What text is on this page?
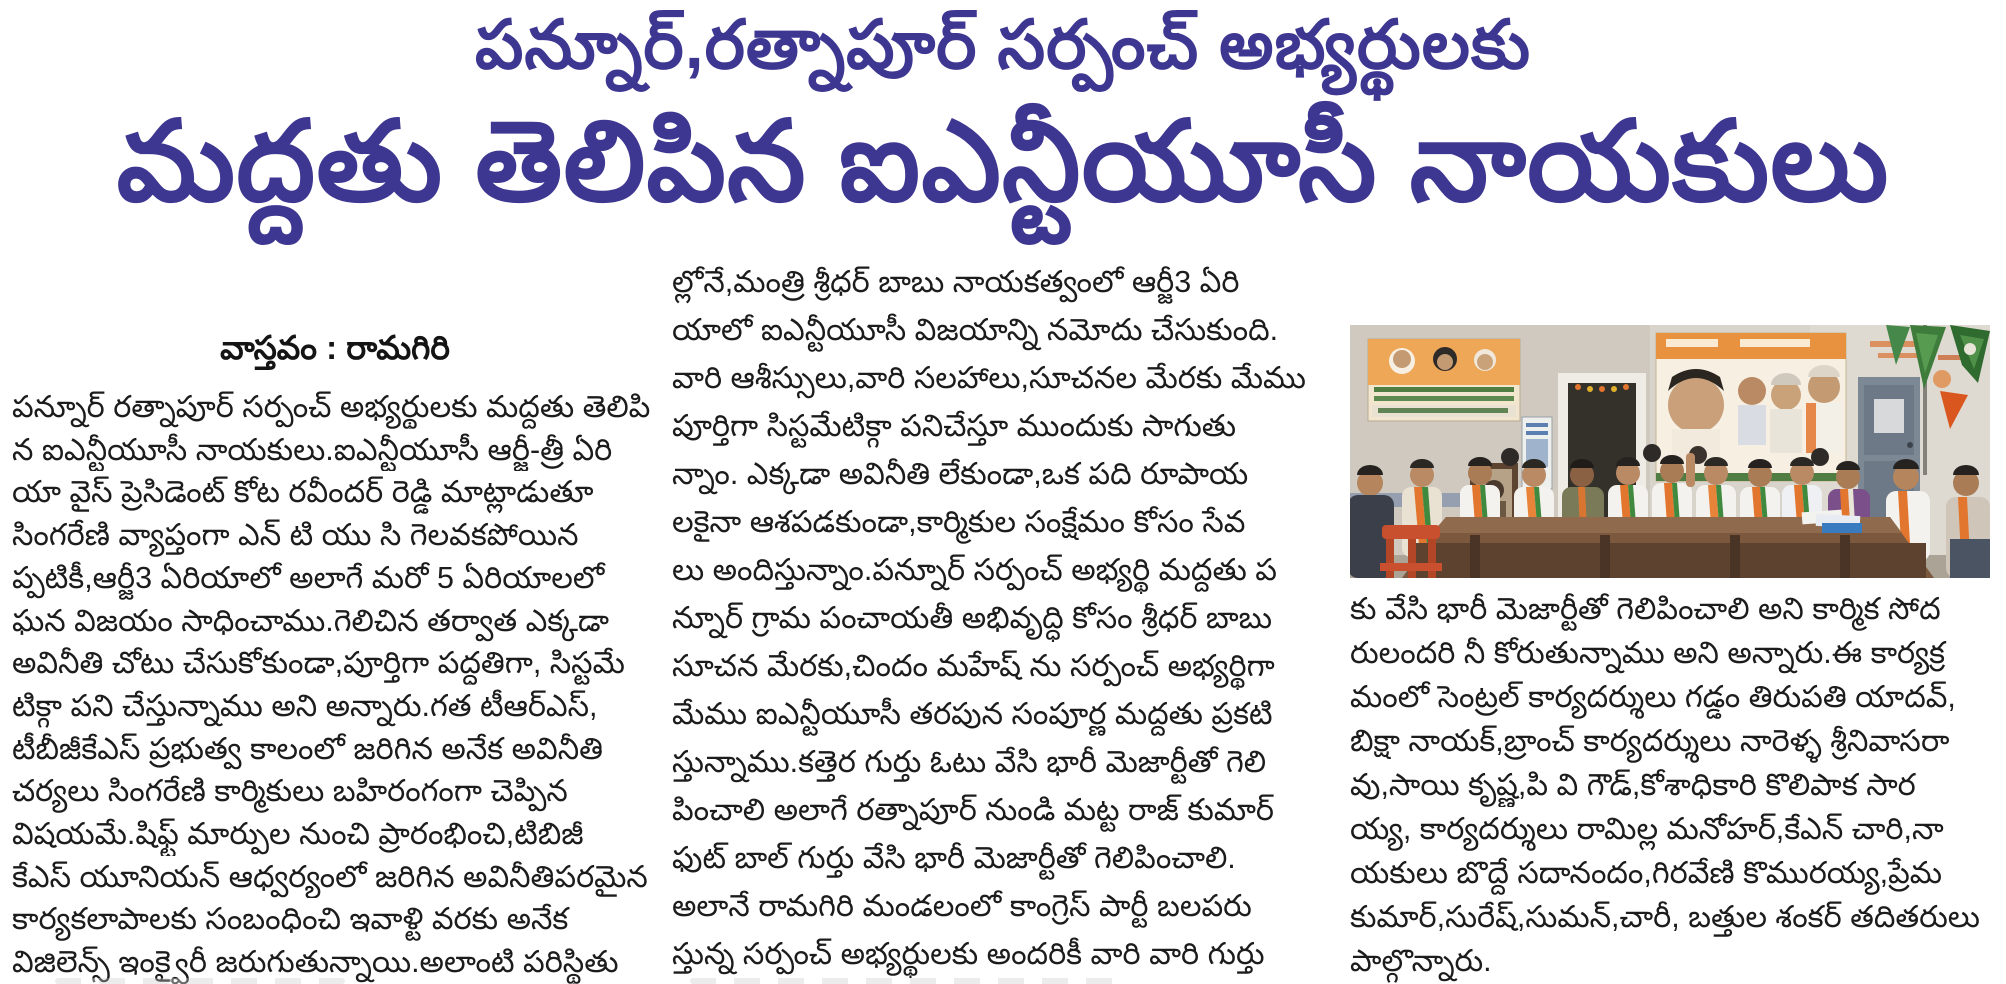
పన్నూర్,రత్నాపూర్ సర్పంచ్ అభ్యర్థులకు
మద్దతు తెలిపిన ఐఎన్టీయూసీ నాయకులు
వాస్తవం : రామగిరి
పన్నూర్ రత్నాపూర్ సర్పంచ్ అభ్యర్థులకు మద్దతు తెలిపి
న ఐఎన్టీయూసీ నాయకులు.ఐఎన్టీయూసీ ఆర్జీ-త్రీ ఏరి
యా వైస్ ప్రెసిడెంట్ కోట రవీందర్ రెడ్డి మాట్లాడుతూ
సింగరేణి వ్యాప్తంగా ఎన్ టి యు సి గెలవకపోయిన
ప్పటికీ,ఆర్జీ3 ఏరియాలో అలాగే మరో 5 ఏరియాలలో
ఘన విజయం సాధించాము.గెలిచిన తర్వాత ఎక్కడా
అవినీతి చోటు చేసుకోకుండా,పూర్తిగా పద్ధతిగా, సిస్టమే
టిక్గా పని చేస్తున్నాము అని అన్నారు.గత టీఆర్ఎస్,
టీబీజీకేఎస్ ప్రభుత్వ కాలంలో జరిగిన అనేక అవినీతి
చర్యలు సింగరేణి కార్మికులు బహిరంగంగా చెప్పిన
విషయమే.షిఫ్ట్ మార్పుల నుంచి ప్రారంభించి,టిబిజీ
కేఎస్ యూనియన్ ఆధ్వర్యంలో జరిగిన అవినీతిపరమైన
కార్యకలాపాలకు సంబంధించి ఇవాళ్టి వరకు అనేక
విజిలెన్స్ ఇంక్వైరీ జరుగుతున్నాయి.అలాంటి పరిస్థితు
ల్లోనే,మంత్రి శ్రీధర్ బాబు నాయకత్వంలో ఆర్జీ3 ఏరి
యాలో ఐఎన్టీయూసీ విజయాన్ని నమోదు చేసుకుంది.
వారి ఆశీస్సులు,వారి సలహాలు,సూచనల మేరకు మేము
పూర్తిగా సిస్టమేటిక్గా పనిచేస్తూ ముందుకు సాగుతు
న్నాం. ఎక్కడా అవినీతి లేకుండా,ఒక పది రూపాయ
లకైనా ఆశపడకుండా,కార్మికుల సంక్షేమం కోసం సేవ
లు అందిస్తున్నాం.పన్నూర్ సర్పంచ్ అభ్యర్థి మద్దతు ప
న్నూర్ గ్రామ పంచాయతీ అభివృద్ధి కోసం శ్రీధర్ బాబు
సూచన మేరకు,చిందం మహేష్ ను సర్పంచ్ అభ్యర్థిగా
మేము ఐఎన్టీయూసీ తరపున సంపూర్ణ మద్దతు ప్రకటి
స్తున్నాము.కత్తెర గుర్తు ఓటు వేసి భారీ మెజార్టీతో గెలి
పించాలి అలాగే రత్నాపూర్ నుండి మట్ట రాజ్ కుమార్
ఫుట్ బాల్ గుర్తు వేసి భారీ మెజార్టీతో గెలిపించాలి.
అలానే రామగిరి మండలంలో కాంగ్రెస్ పార్టీ బలపరు
స్తున్న సర్పంచ్ అభ్యర్థులకు అందరికీ వారి వారి గుర్తు
కు వేసి భారీ మెజార్టీతో గెలిపించాలి అని కార్మిక సోద
రులందరి నీ కోరుతున్నాము అని అన్నారు.ఈ కార్యక్ర
మంలో సెంట్రల్ కార్యదర్శులు గడ్డం తిరుపతి యాదవ్,
బిక్షా నాయక్,బ్రాంచ్ కార్యదర్శులు నారెళ్ళ శ్రీనివాసరా
వు,సాయి కృష్ణ,పి వి గౌడ్,కోశాధికారి కొలిపాక సార
య్య, కార్యదర్శులు రామిల్ల మనోహర్,కేఎన్ చారి,నా
యకులు బొద్దే సదానందం,గిరవేణి కొమురయ్య,ప్రేమ
కుమార్,సురేష్,సుమన్,చారీ, బత్తుల శంకర్ తదితరులు
పాల్గొన్నారు.
